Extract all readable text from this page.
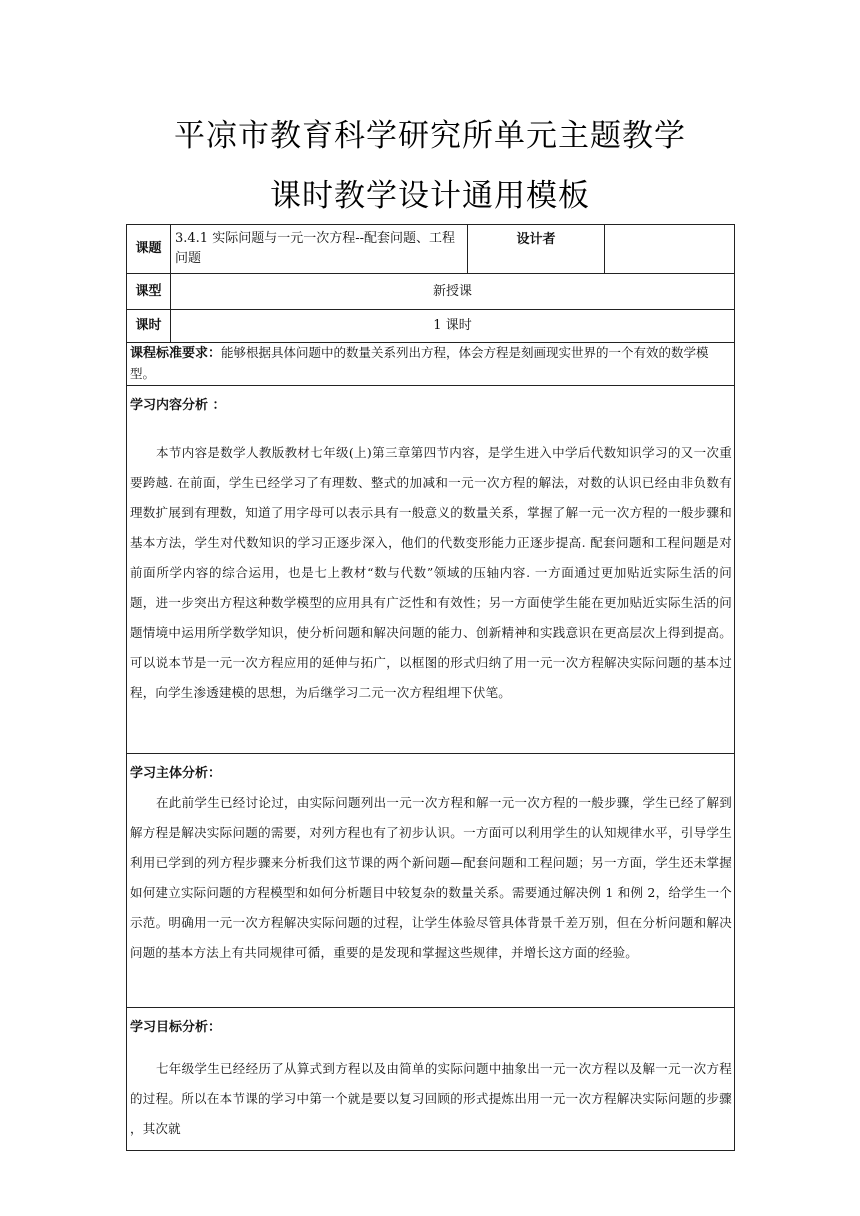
平凉市教育科学研究所单元主题教学
课时教学设计通用模板
课题	3.4.1 实际问题与一元一次方程--配套问题、工程问题	设计者	
课型	新授课		
课时	1 课时		
课程标准要求：能够根据具体问题中的数量关系列出方程，体会方程是刻画现实世界的一个有效的数学模型。			

学习内容分析 ：

本节内容是数学人教版教材七年级(上)第三章第四节内容，是学生进入中学后代数知识学习的又一次重要跨越. 在前面，学生已经学习了有理数、整式的加减和一元一次方程的解法，对数的认识已经由非负数有理数扩展到有理数，知道了用字母可以表示具有一般意义的数量关系，掌握了解一元一次方程的一般步骤和基本方法，学生对代数知识的学习正逐步深入，他们的代数变形能力正逐步提高. 配套问题和工程问题是对前面所学内容的综合运用，也是七上教材“数与代数”领域的压轴内容. 一方面通过更加贴近实际生活的问题，进一步突出方程这种数学模型的应用具有广泛性和有效性；另一方面使学生能在更加贴近实际生活的问题情境中运用所学数学知识，使分析问题和解决问题的能力、创新精神和实践意识在更高层次上得到提高。可以说本节是一元一次方程应用的延伸与拓广，以框图的形式归纳了用一元一次方程解决实际问题的基本过程，向学生渗透建模的思想，为后继学习二元一次方程组埋下伏笔。			

学习主体分析：

在此前学生已经讨论过，由实际问题列出一元一次方程和解一元一次方程的一般步骤，学生已经了解到解方程是解决实际问题的需要，对列方程也有了初步认识。一方面可以利用学生的认知规律水平，引导学生利用已学到的列方程步骤来分析我们这节课的两个新问题—配套问题和工程问题；另一方面，学生还未掌握如何建立实际问题的方程模型和如何分析题目中较复杂的数量关系。需要通过解决例 1 和例 2，给学生一个示范。明确用一元一次方程解决实际问题的过程，让学生体验尽管具体背景千差万别，但在分析问题和解决问题的基本方法上有共同规律可循，重要的是发现和掌握这些规律，并增长这方面的经验。			

学习目标分析：

七年级学生已经经历了从算式到方程以及由简单的实际问题中抽象出一元一次方程以及解一元一次方程的过程。所以在本节课的学习中第一个就是要以复习回顾的形式提炼出用一元一次方程解决实际问题的步骤 ，其次就			
